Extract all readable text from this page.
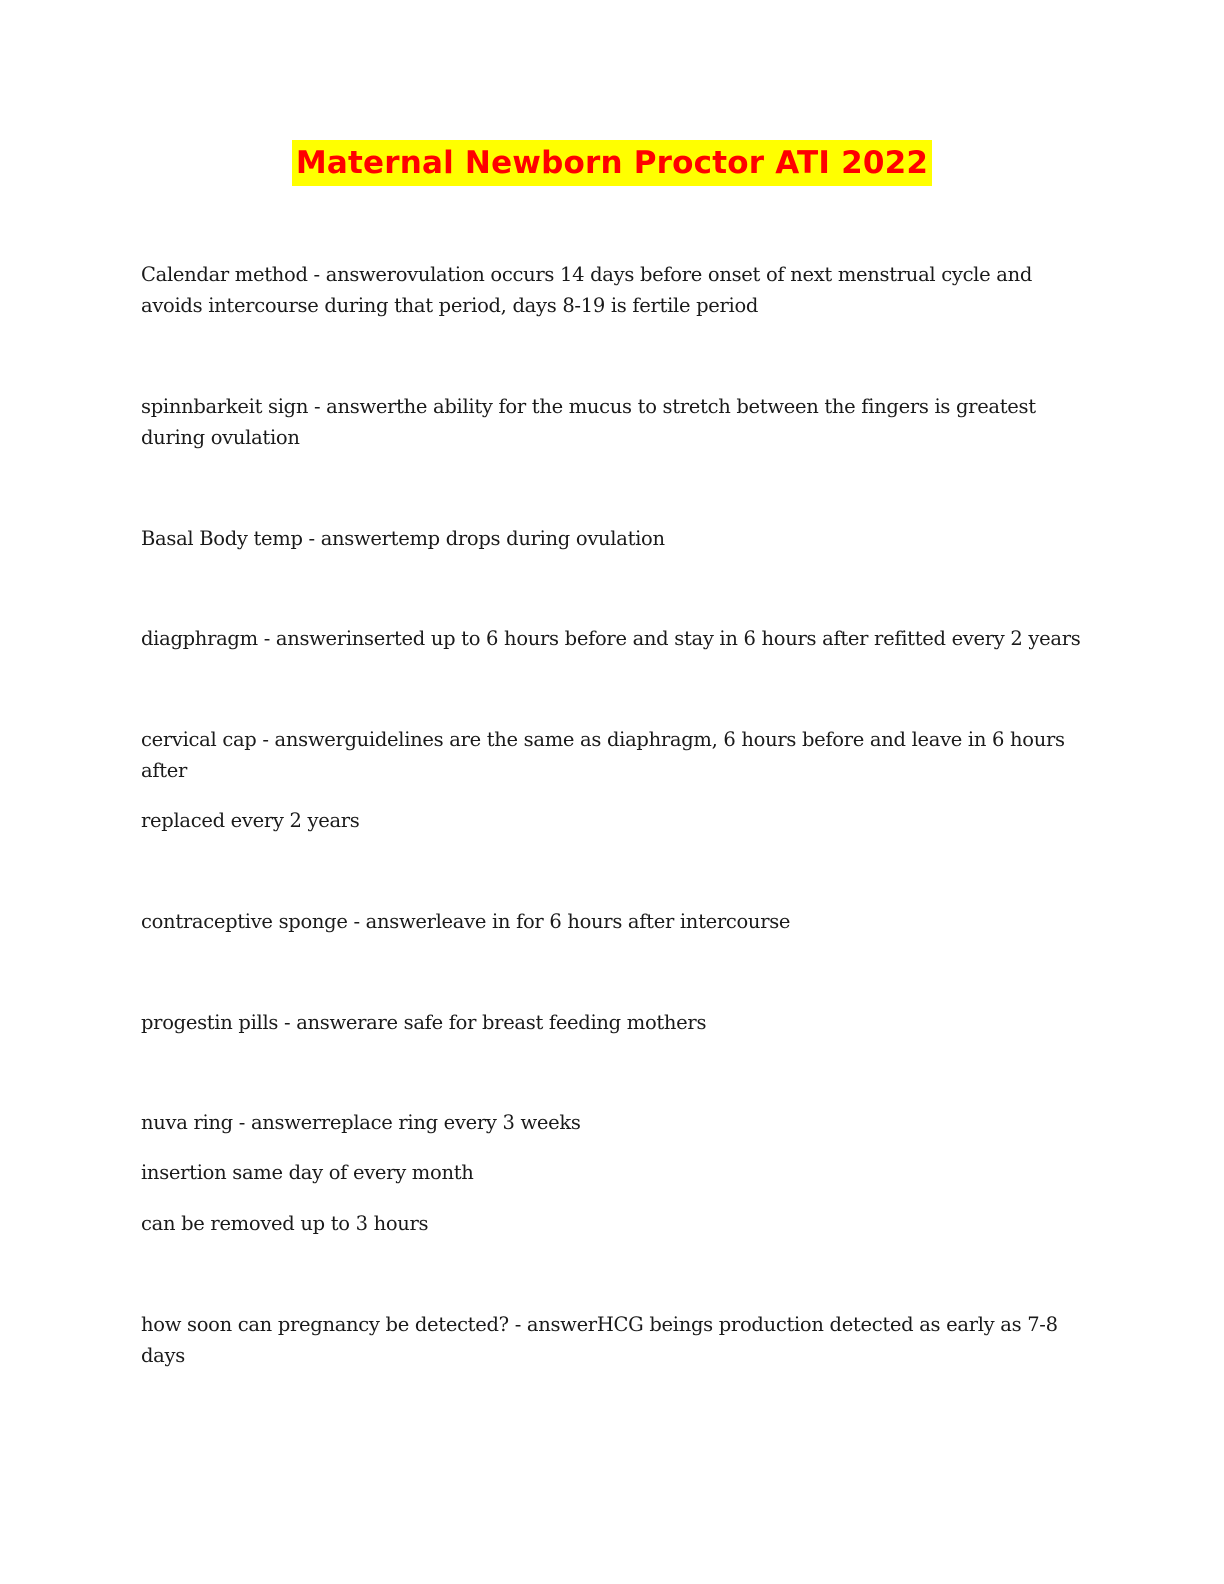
Maternal Newborn Proctor ATI 2022

Calendar method - answerovulation occurs 14 days before onset of next menstrual cycle and avoids intercourse during that period, days 8-19 is fertile period

spinnbarkeit sign - answerthe ability for the mucus to stretch between the fingers is greatest during ovulation

Basal Body temp - answertemp drops during ovulation

diagphragm - answerinserted up to 6 hours before and stay in 6 hours after refitted every 2 years

cervical cap - answerguidelines are the same as diaphragm, 6 hours before and leave in 6 hours after

replaced every 2 years

contraceptive sponge - answerleave in for 6 hours after intercourse

progestin pills - answerare safe for breast feeding mothers

nuva ring - answerreplace ring every 3 weeks

insertion same day of every month

can be removed up to 3 hours

how soon can pregnancy be detected? - answerHCG beings production detected as early as 7-8 days
